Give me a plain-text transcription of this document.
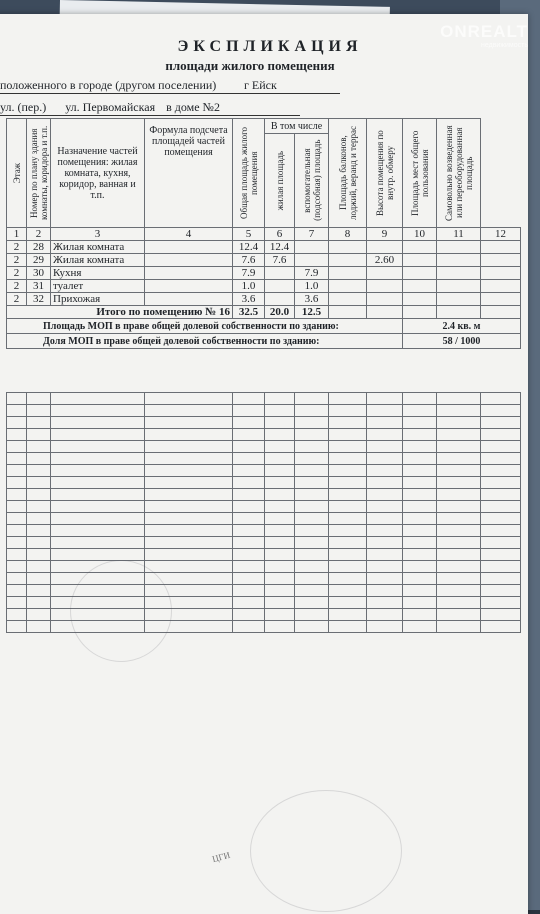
ONREALT
недвижимость
ЭКСПЛИКАЦИЯ
площади жилого помещения
положенного в городе (другом поселении) г Ейск
ул. (пер.) ул. Первомайская в доме №2
Этаж	Номер по плану здания комнаты, коридора и т.п.	Назначение частей помещения: жилая комната, кухня, коридор, ванная и т.п.	Формула подсчета площадей частей помещения	Общая площадь жилого помещения	В том числе		Площадь балконов, лоджий, веранд и террас	Высота помещения по внутр. обмеру	Площадь мест общего пользования	Самовольно возведенная или переоборудованная площадь	

					жилая площадь	вспомогательная (подсобная) площадь					

1	2	3	4	5	6	7	8	9	10	11	12
2	28	Жилая комната		12.4	12.4						
2	29	Жилая комната		7.6	7.6			2.60			
2	30	Кухня		7.9		7.9					
2	31	туалет		1.0		1.0					
2	32	Прихожая		3.6		3.6					
Итого по помещению № 16				32.5	20.0	12.5					
Площадь МОП в праве общей долевой собственности по зданию:									2.4 кв. м		
Доля МОП в праве общей долевой собственности по зданию:									58 / 1000		

ЦГИ
